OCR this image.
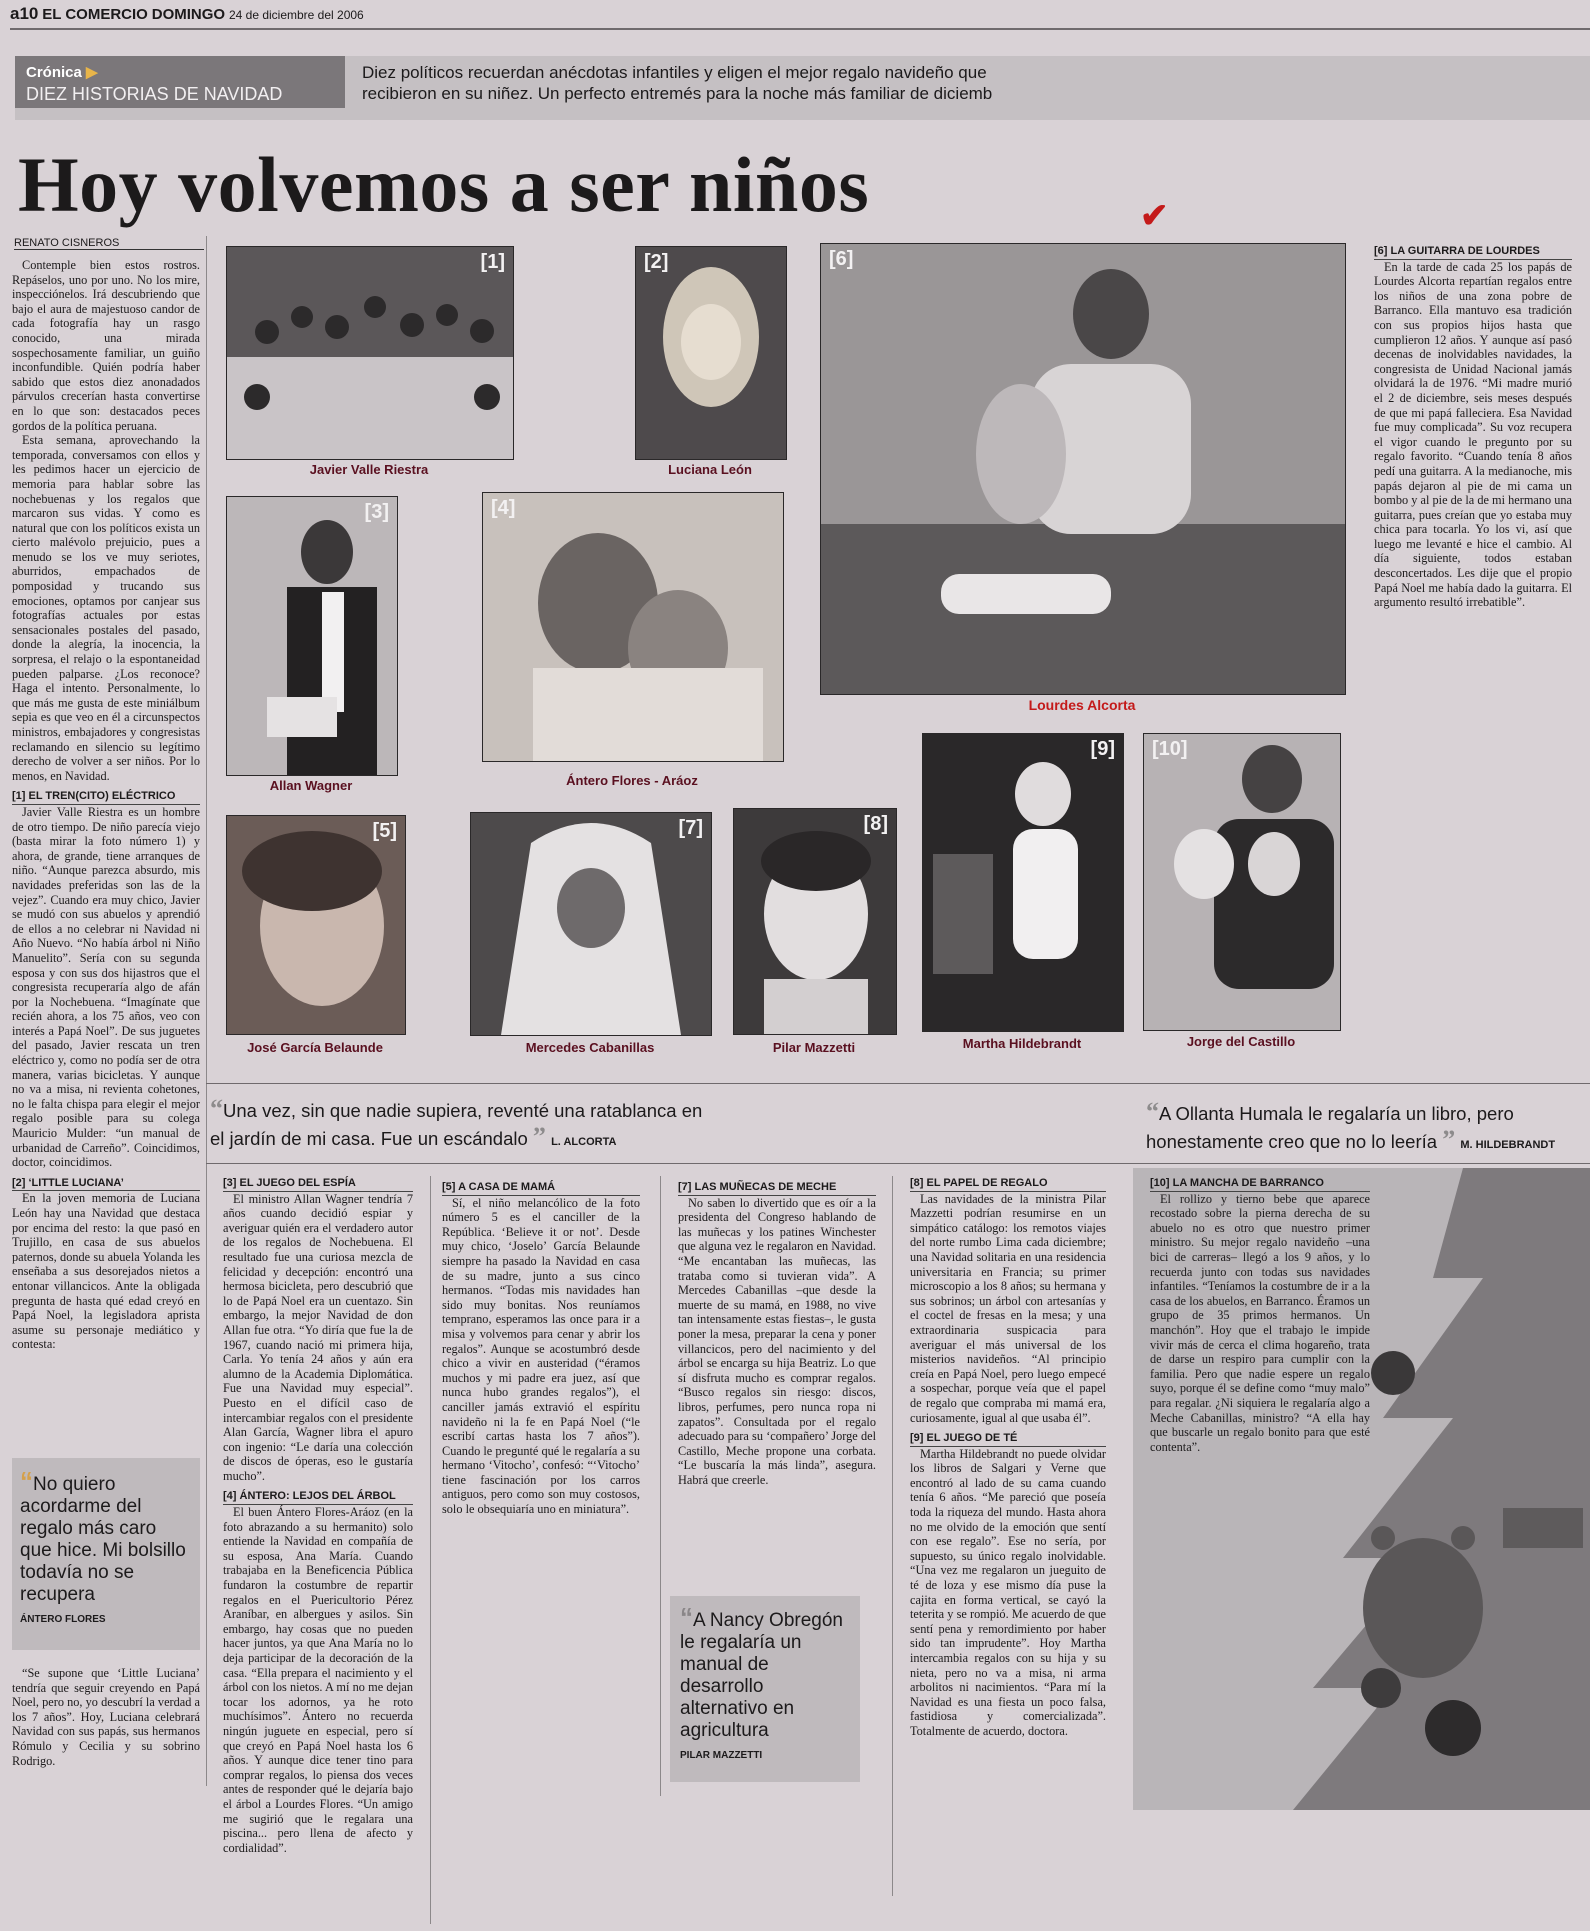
a10 EL COMERCIO DOMINGO 24 de diciembre del 2006
Crónica ▶
DIEZ HISTORIAS DE NAVIDAD
Diez políticos recuerdan anécdotas infantiles y eligen el mejor regalo navideño que
recibieron en su niñez. Un perfecto entremés para la noche más familiar de diciemb
Hoy volvemos a ser niños
RENATO CISNEROS

Contemple bien estos rostros. Repáselos, uno por uno. No los mire, inspecciónelos. Irá descubriendo que bajo el aura de majestuoso candor de cada fotografía hay un rasgo conocido, una mirada sospechosamente familiar, un guiño inconfundible. Quién podría haber sabido que estos diez anonadados párvulos crecerían hasta convertirse en lo que son: destacados peces gordos de la política peruana.

Esta semana, aprovechando la temporada, conversamos con ellos y les pedimos hacer un ejercicio de memoria para hablar sobre las nochebuenas y los regalos que marcaron sus vidas. Y como es natural que con los políticos exista un cierto malévolo prejuicio, pues a menudo se los ve muy seriotes, aburridos, empachados de pomposidad y trucando sus emociones, optamos por canjear sus fotografías actuales por estas sensacionales postales del pasado, donde la alegría, la inocencia, la sorpresa, el relajo o la espontaneidad pueden palparse. ¿Los reconoce? Haga el intento. Personalmente, lo que más me gusta de este miniálbum sepia es que veo en él a circunspectos ministros, embajadores y congresistas reclamando en silencio su legítimo derecho de volver a ser niños. Por lo menos, en Navidad.

[1] EL TREN(CITO) ELÉCTRICO

Javier Valle Riestra es un hombre de otro tiempo. De niño parecía viejo (basta mirar la foto número 1) y ahora, de grande, tiene arranques de niño. “Aunque parezca absurdo, mis navidades preferidas son las de la vejez”. Cuando era muy chico, Javier se mudó con sus abuelos y aprendió de ellos a no celebrar ni Navidad ni Año Nuevo. “No había árbol ni Niño Manuelito”. Sería con su segunda esposa y con sus dos hijastros que el congresista recuperaría algo de afán por la Nochebuena. “Imagínate que recién ahora, a los 75 años, veo con interés a Papá Noel”. De sus juguetes del pasado, Javier rescata un tren eléctrico y, como no podía ser de otra manera, varias bicicletas. Y aunque no va a misa, ni revienta cohetones, no le falta chispa para elegir el mejor regalo posible para su colega Mauricio Mulder: “un manual de urbanidad de Carreño”. Coincidimos, doctor, coincidimos.

[2] ‘LITTLE LUCIANA’

En la joven memoria de Luciana León hay una Navidad que destaca por encima del resto: la que pasó en Trujillo, en casa de sus abuelos paternos, donde su abuela Yolanda les enseñaba a sus desorejados nietos a entonar villancicos. Ante la obligada pregunta de hasta qué edad creyó en Papá Noel, la legisladora aprista asume su personaje mediático y contesta:

“No quiero acordarme del regalo más caro que hice. Mi bolsillo todavía no se recupera
ÁNTERO FLORES

“Se supone que ‘Little Luciana’ tendría que seguir creyendo en Papá Noel, pero no, yo descubrí la verdad a los 7 años”. Hoy, Luciana celebrará Navidad con sus papás, sus hermanos Rómulo y Cecilia y su sobrino Rodrigo.

[1]
Javier Valle Riestra
[2]
Luciana León
[6]
✔
Lourdes Alcorta
[3]
Allan Wagner
[4]
Ántero Flores - Aráoz
[9]
Martha Hildebrandt
[10]
Jorge del Castillo
[5]
José García Belaunde
[7]
Mercedes Cabanillas
[8]
Pilar Mazzetti

[6] LA GUITARRA DE LOURDES

En la tarde de cada 25 los papás de Lourdes Alcorta repartían regalos entre los niños de una zona pobre de Barranco. Ella mantuvo esa tradición con sus propios hijos hasta que cumplieron 12 años. Y aunque así pasó decenas de inolvidables navidades, la congresista de Unidad Nacional jamás olvidará la de 1976. “Mi madre murió el 2 de diciembre, seis meses después de que mi papá falleciera. Esa Navidad fue muy complicada”. Su voz recupera el vigor cuando le pregunto por su regalo favorito. “Cuando tenía 8 años pedí una guitarra. A la medianoche, mis papás dejaron al pie de mi cama un bombo y al pie de la de mi hermano una guitarra, pues creían que yo estaba muy chica para tocarla. Yo los vi, así que luego me levanté e hice el cambio. Al día siguiente, todos estaban desconcertados. Les dije que el propio Papá Noel me había dado la guitarra. El argumento resultó irrebatible”.

“Una vez, sin que nadie supiera, reventé una ratablanca en
el jardín de mi casa. Fue un escándalo ” L. ALCORTA
“A Ollanta Humala le regalaría un libro, pero
honestamente creo que no lo leería ” M. HILDEBRANDT

[3] EL JUEGO DEL ESPÍA

El ministro Allan Wagner tendría 7 años cuando decidió espiar y averiguar quién era el verdadero autor de los regalos de Nochebuena. El resultado fue una curiosa mezcla de felicidad y decepción: encontró una hermosa bicicleta, pero descubrió que lo de Papá Noel era un cuentazo. Sin embargo, la mejor Navidad de don Allan fue otra. “Yo diría que fue la de 1967, cuando nació mi primera hija, Carla. Yo tenía 24 años y aún era alumno de la Academia Diplomática. Fue una Navidad muy especial”. Puesto en el difícil caso de intercambiar regalos con el presidente Alan García, Wagner libra el apuro con ingenio: “Le daría una colección de discos de óperas, eso le gustaría mucho”.

[4] ÁNTERO: LEJOS DEL ÁRBOL

El buen Ántero Flores-Aráoz (en la foto abrazando a su hermanito) solo entiende la Navidad en compañía de su esposa, Ana María. Cuando trabajaba en la Beneficencia Pública fundaron la costumbre de repartir regalos en el Puericultorio Pérez Araníbar, en albergues y asilos. Sin embargo, hay cosas que no pueden hacer juntos, ya que Ana María no lo deja participar de la decoración de la casa. “Ella prepara el nacimiento y el árbol con los nietos. A mí no me dejan tocar los adornos, ya he roto muchísimos”. Ántero no recuerda ningún juguete en especial, pero sí que creyó en Papá Noel hasta los 6 años. Y aunque dice tener tino para comprar regalos, lo piensa dos veces antes de responder qué le dejaría bajo el árbol a Lourdes Flores. “Un amigo me sugirió que le regalara una piscina... pero llena de afecto y cordialidad”.

[5] A CASA DE MAMÁ

Sí, el niño melancólico de la foto número 5 es el canciller de la República. ‘Believe it or not’. Desde muy chico, ‘Joselo’ García Belaunde siempre ha pasado la Navidad en casa de su madre, junto a sus cinco hermanos. “Todas mis navidades han sido muy bonitas. Nos reuníamos temprano, esperamos las once para ir a misa y volvemos para cenar y abrir los regalos”. Aunque se acostumbró desde chico a vivir en austeridad (“éramos muchos y mi padre era juez, así que nunca hubo grandes regalos”), el canciller jamás extravió el espíritu navideño ni la fe en Papá Noel (“le escribí cartas hasta los 7 años”). Cuando le pregunté qué le regalaría a su hermano ‘Vitocho’, confesó: “‘Vitocho’ tiene fascinación por los carros antiguos, pero como son muy costosos, solo le obsequiaría uno en miniatura”.

[7] LAS MUÑECAS DE MECHE

No saben lo divertido que es oír a la presidenta del Congreso hablando de las muñecas y los patines Winchester que alguna vez le regalaron en Navidad. “Me encantaban las muñecas, las trataba como si tuvieran vida”. A Mercedes Cabanillas –que desde la muerte de su mamá, en 1988, no vive tan intensamente estas fiestas–, le gusta poner la mesa, preparar la cena y poner villancicos, pero del nacimiento y del árbol se encarga su hija Beatriz. Lo que sí disfruta mucho es comprar regalos. “Busco regalos sin riesgo: discos, libros, perfumes, pero nunca ropa ni zapatos”. Consultada por el regalo adecuado para su ‘compañero’ Jorge del Castillo, Meche propone una corbata. “Le buscaría la más linda”, asegura. Habrá que creerle.

“A Nancy Obregón le regalaría un manual de desarrollo alternativo en agricultura
PILAR MAZZETTI

[8] EL PAPEL DE REGALO

Las navidades de la ministra Pilar Mazzetti podrían resumirse en un simpático catálogo: los remotos viajes del norte rumbo Lima cada diciembre; una Navidad solitaria en una residencia universitaria en Francia; su primer microscopio a los 8 años; su hermana y sus sobrinos; un árbol con artesanías y el coctel de fresas en la mesa; y una extraordinaria suspicacia para averiguar el más universal de los misterios navideños. “Al principio creía en Papá Noel, pero luego empecé a sospechar, porque veía que el papel de regalo que compraba mi mamá era, curiosamente, igual al que usaba él”.

[9] EL JUEGO DE TÉ

Martha Hildebrandt no puede olvidar los libros de Salgari y Verne que encontró al lado de su cama cuando tenía 6 años. “Me pareció que poseía toda la riqueza del mundo. Hasta ahora no me olvido de la emoción que sentí con ese regalo”. Ese no sería, por supuesto, su único regalo inolvidable. “Una vez me regalaron un jueguito de té de loza y ese mismo día puse la cajita en forma vertical, se cayó la teterita y se rompió. Me acuerdo de que sentí pena y remordimiento por haber sido tan imprudente”. Hoy Martha intercambia regalos con su hija y su nieta, pero no va a misa, ni arma arbolitos ni nacimientos. “Para mí la Navidad es una fiesta un poco falsa, fastidiosa y comercializada”. Totalmente de acuerdo, doctora.

[10] LA MANCHA DE BARRANCO

El rollizo y tierno bebe que aparece recostado sobre la pierna derecha de su abuelo no es otro que nuestro primer ministro. Su mejor regalo navideño –una bici de carreras– llegó a los 9 años, y lo recuerda junto con todas sus navidades infantiles. “Teníamos la costumbre de ir a la casa de los abuelos, en Barranco. Éramos un grupo de 35 primos hermanos. Un manchón”. Hoy que el trabajo le impide vivir más de cerca el clima hogareño, trata de darse un respiro para cumplir con la familia. Pero que nadie espere un regalo suyo, porque él se define como “muy malo” para regalar. ¿Ni siquiera le regalaría algo a Meche Cabanillas, ministro? “A ella hay que buscarle un regalo bonito para que esté contenta”.
